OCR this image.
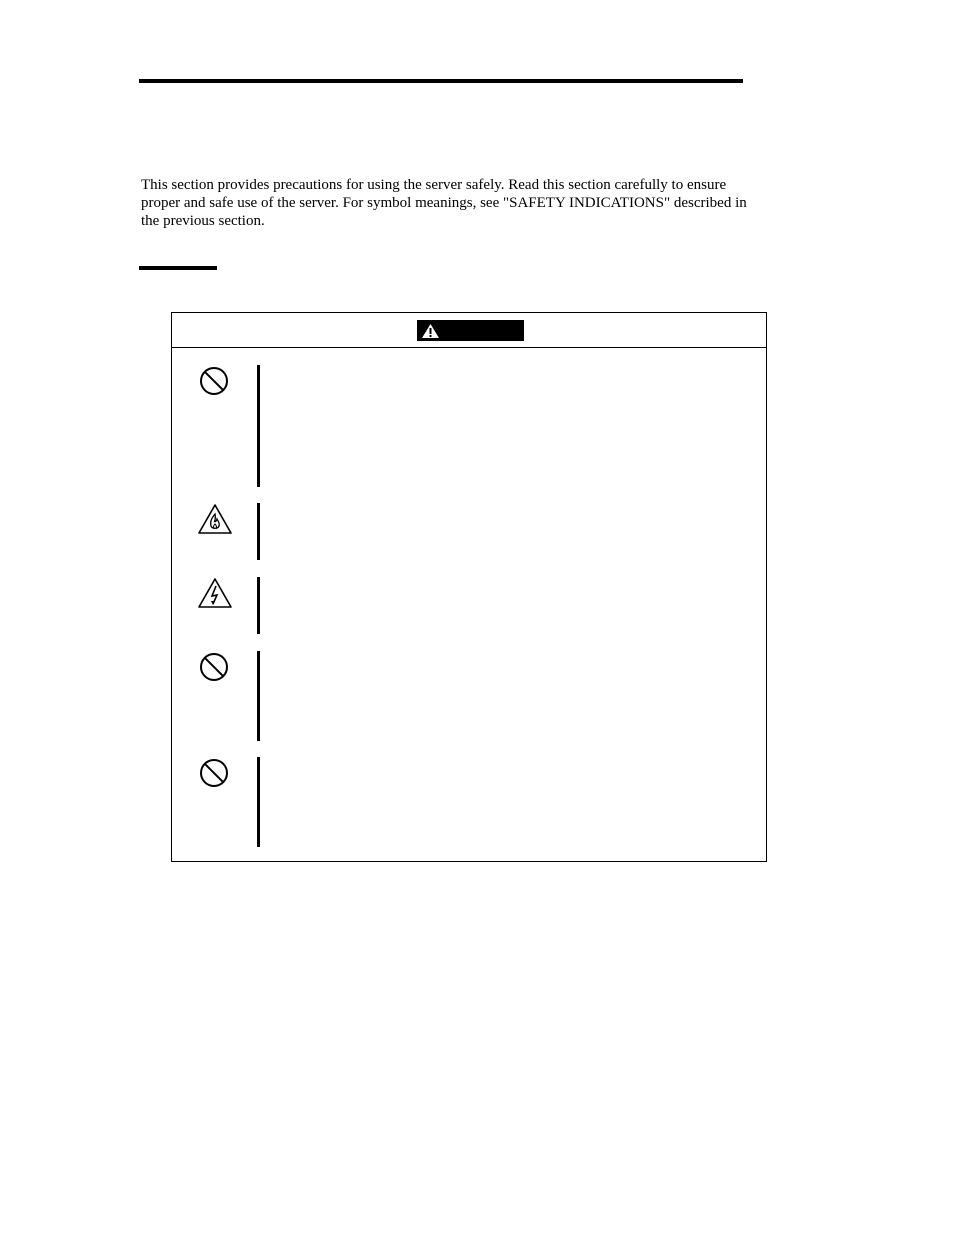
This section provides precautions for using the server safely. Read this section carefully to ensure proper and safe use of the server. For symbol meanings, see "SAFETY INDICATIONS" described in the previous section.
